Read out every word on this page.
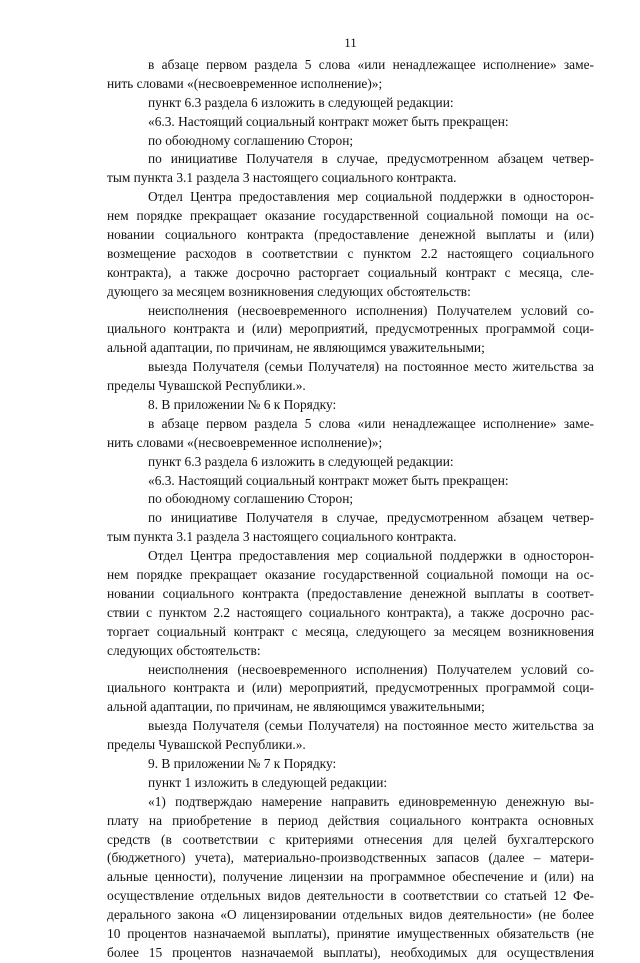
11
в абзаце первом раздела 5 слова «или ненадлежащее исполнение» заме-
нить словами «(несвоевременное исполнение)»;
пункт 6.3 раздела 6 изложить в следующей редакции:
«6.3. Настоящий социальный контракт может быть прекращен:
по обоюдному соглашению Сторон;
по инициативе Получателя в случае, предусмотренном абзацем четвер-
тым пункта 3.1 раздела 3 настоящего социального контракта.
Отдел Центра предоставления мер социальной поддержки в односторон-
нем порядке прекращает оказание государственной социальной помощи на ос-
новании социального контракта (предоставление денежной выплаты и (или)
возмещение расходов в соответствии с пунктом 2.2 настоящего социального
контракта), а также досрочно расторгает социальный контракт с месяца, сле-
дующего за месяцем возникновения следующих обстоятельств:
неисполнения (несвоевременного исполнения) Получателем условий со-
циального контракта и (или) мероприятий, предусмотренных программой соци-
альной адаптации, по причинам, не являющимся уважительными;
выезда Получателя (семьи Получателя) на постоянное место жительства за
пределы Чувашской Республики.».
8. В приложении № 6 к Порядку:
в абзаце первом раздела 5 слова «или ненадлежащее исполнение» заме-
нить словами «(несвоевременное исполнение)»;
пункт 6.3 раздела 6 изложить в следующей редакции:
«6.3. Настоящий социальный контракт может быть прекращен:
по обоюдному соглашению Сторон;
по инициативе Получателя в случае, предусмотренном абзацем четвер-
тым пункта 3.1 раздела 3 настоящего социального контракта.
Отдел Центра предоставления мер социальной поддержки в односторон-
нем порядке прекращает оказание государственной социальной помощи на ос-
новании социального контракта (предоставление денежной выплаты в соответ-
ствии с пунктом 2.2 настоящего социального контракта), а также досрочно рас-
торгает социальный контракт с месяца, следующего за месяцем возникновения
следующих обстоятельств:
неисполнения (несвоевременного исполнения) Получателем условий со-
циального контракта и (или) мероприятий, предусмотренных программой соци-
альной адаптации, по причинам, не являющимся уважительными;
выезда Получателя (семьи Получателя) на постоянное место жительства за
пределы Чувашской Республики.».
9. В приложении № 7 к Порядку:
пункт 1 изложить в следующей редакции:
«1) подтверждаю намерение направить единовременную денежную вы-
плату на приобретение в период действия социального контракта основных
средств (в соответствии с критериями отнесения для целей бухгалтерского
(бюджетного) учета), материально-производственных запасов (далее – матери-
альные ценности), получение лицензии на программное обеспечение и (или) на
осуществление отдельных видов деятельности в соответствии со статьей 12 Фе-
дерального закона «О лицензировании отдельных видов деятельности» (не более
10 процентов назначаемой выплаты), принятие имущественных обязательств (не
более 15 процентов назначаемой выплаты), необходимых для осуществления
